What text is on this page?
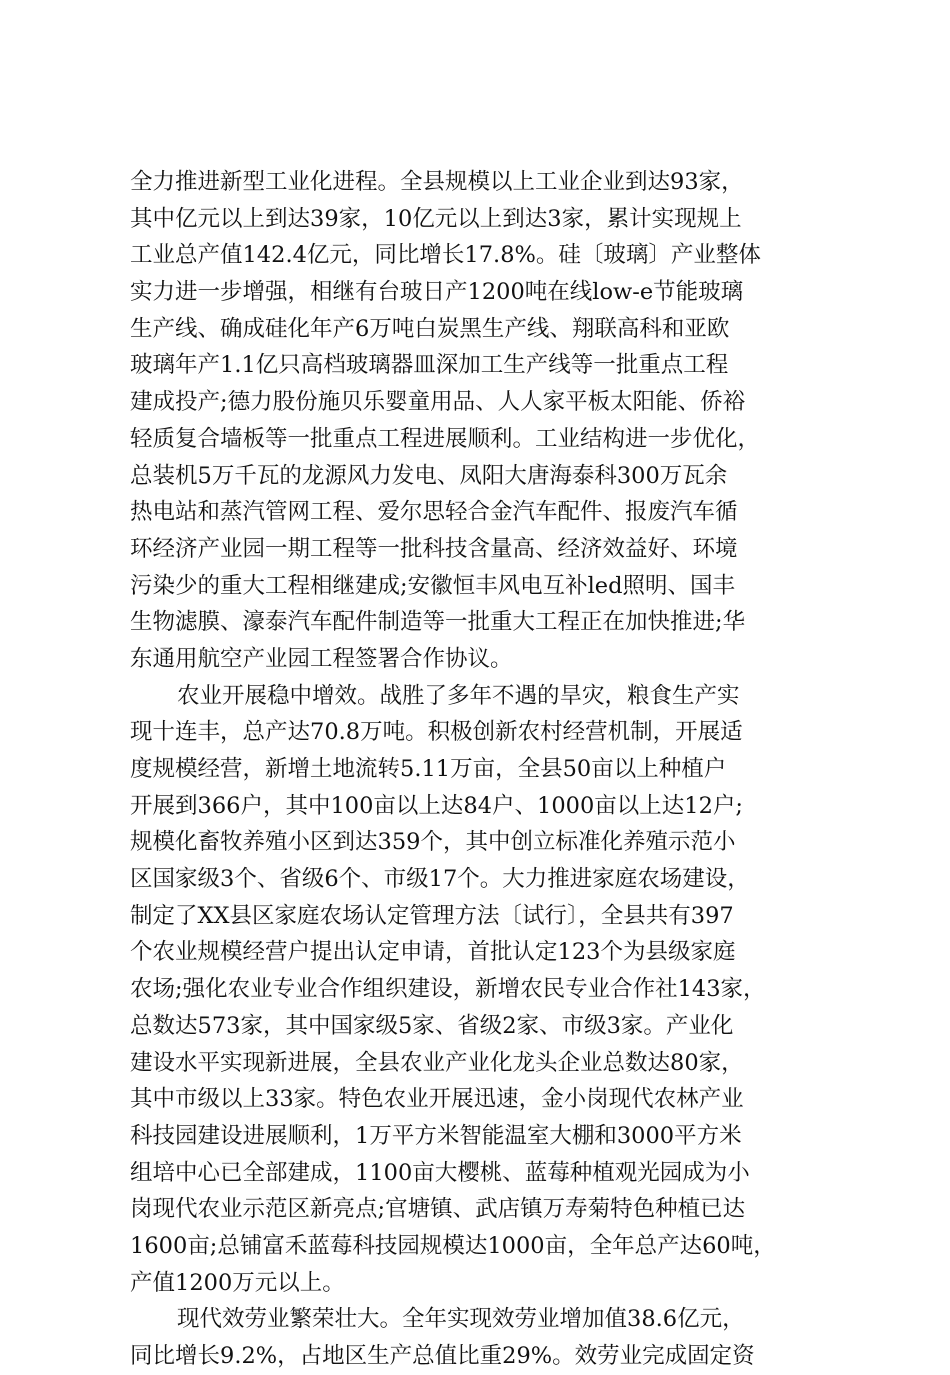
全力推进新型工业化进程。全县规模以上工业企业到达93家，
其中亿元以上到达39家，10亿元以上到达3家，累计实现规上
工业总产值142.4亿元，同比增长17.8%。硅〔玻璃〕产业整体
实力进一步增强，相继有台玻日产1200吨在线low-e节能玻璃
生产线、确成硅化年产6万吨白炭黑生产线、翔联高科和亚欧
玻璃年产1.1亿只高档玻璃器皿深加工生产线等一批重点工程
建成投产;德力股份施贝乐婴童用品、人人家平板太阳能、侨裕
轻质复合墙板等一批重点工程进展顺利。工业结构进一步优化，
总装机5万千瓦的龙源风力发电、凤阳大唐海泰科300万瓦余
热电站和蒸汽管网工程、爱尔思轻合金汽车配件、报废汽车循
环经济产业园一期工程等一批科技含量高、经济效益好、环境
污染少的重大工程相继建成;安徽恒丰风电互补led照明、国丰
生物滤膜、濠泰汽车配件制造等一批重大工程正在加快推进;华
东通用航空产业园工程签署合作协议。
农业开展稳中增效。战胜了多年不遇的旱灾，粮食生产实
现十连丰，总产达70.8万吨。积极创新农村经营机制，开展适
度规模经营，新增土地流转5.11万亩，全县50亩以上种植户
开展到366户，其中100亩以上达84户、1000亩以上达12户;
规模化畜牧养殖小区到达359个，其中创立标准化养殖示范小
区国家级3个、省级6个、市级17个。大力推进家庭农场建设，
制定了XX县区家庭农场认定管理方法〔试行〕，全县共有397
个农业规模经营户提出认定申请，首批认定123个为县级家庭
农场;强化农业专业合作组织建设，新增农民专业合作社143家，
总数达573家，其中国家级5家、省级2家、市级3家。产业化
建设水平实现新进展，全县农业产业化龙头企业总数达80家，
其中市级以上33家。特色农业开展迅速，金小岗现代农林产业
科技园建设进展顺利，1万平方米智能温室大棚和3000平方米
组培中心已全部建成，1100亩大樱桃、蓝莓种植观光园成为小
岗现代农业示范区新亮点;官塘镇、武店镇万寿菊特色种植已达
1600亩;总铺富禾蓝莓科技园规模达1000亩，全年总产达60吨，
产值1200万元以上。
现代效劳业繁荣壮大。全年实现效劳业增加值38.6亿元，
同比增长9.2%，占地区生产总值比重29%。效劳业完成固定资
